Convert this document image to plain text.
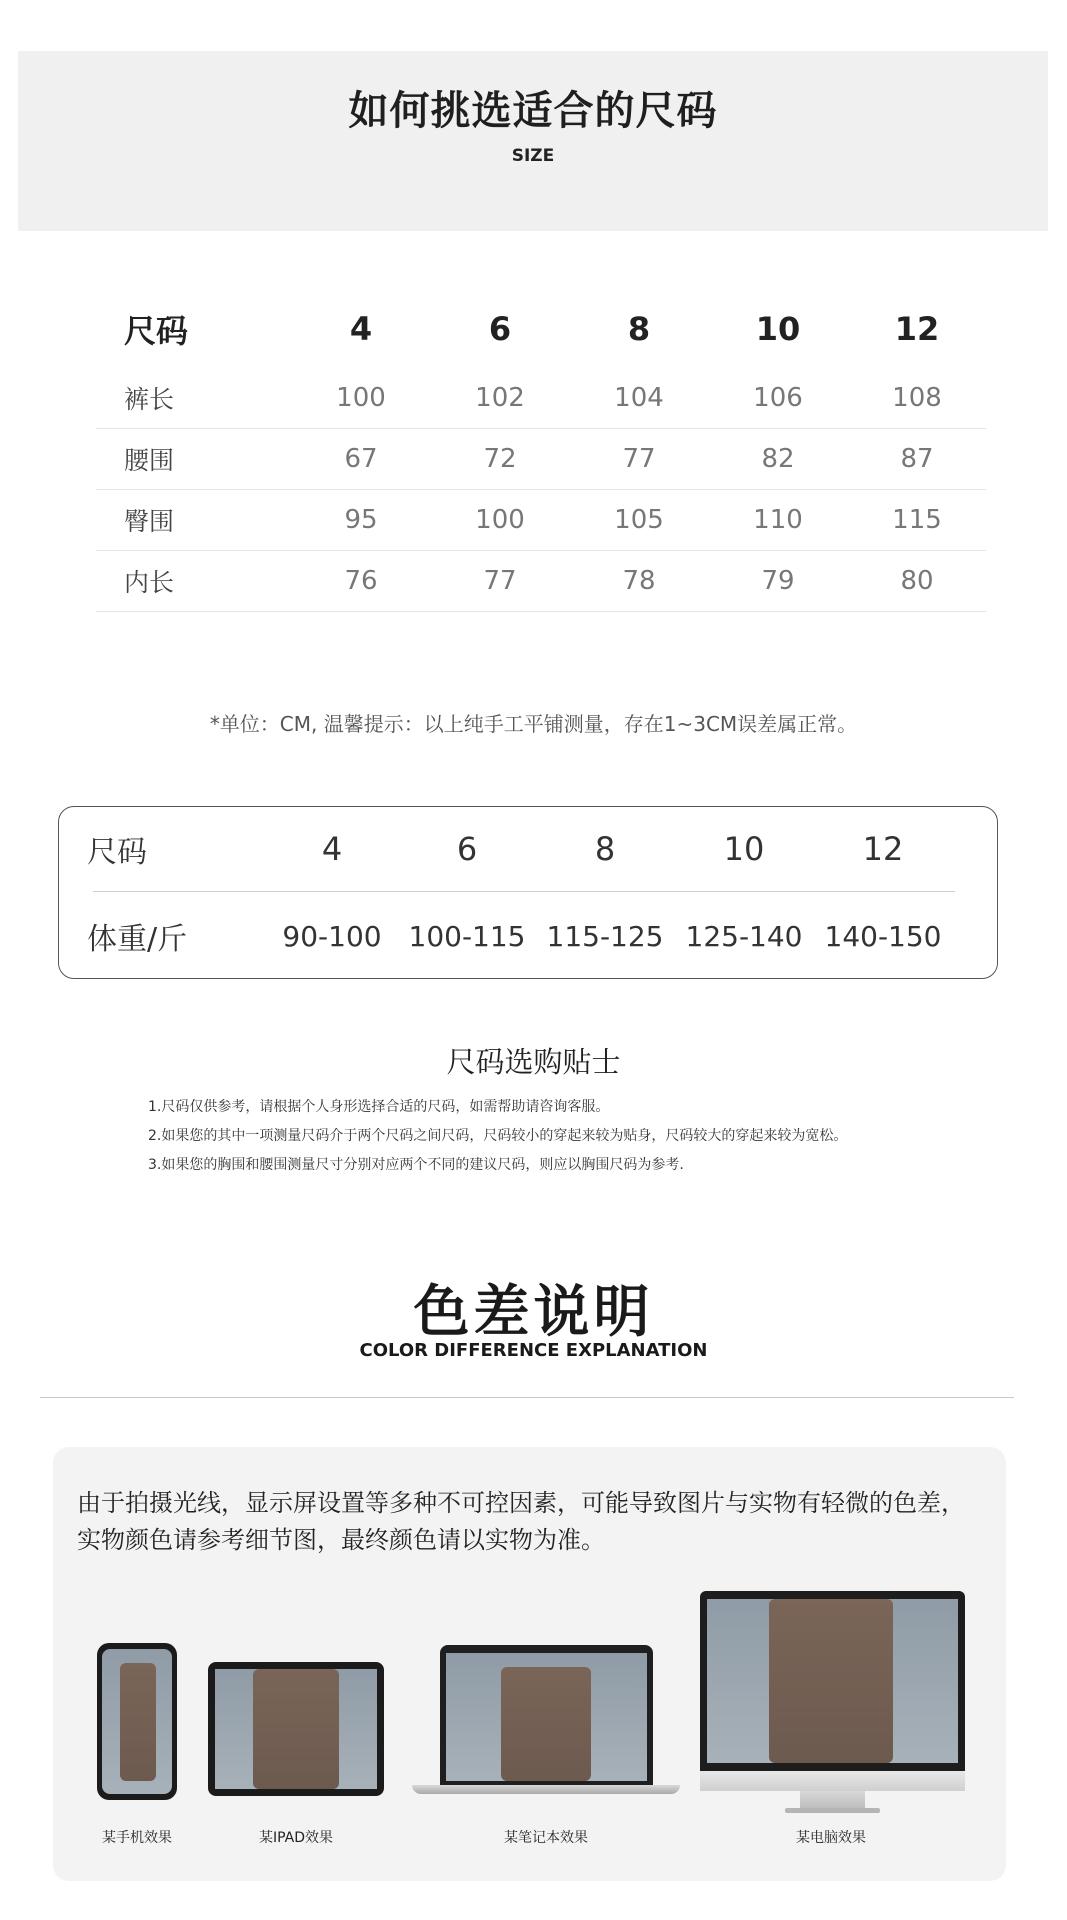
如何挑选适合的尺码
SIZE
尺码	4	6	8	10	12
裤长	100	102	104	106	108
腰围	67	72	77	82	87
臀围	95	100	105	110	115
内长	76	77	78	79	80
*单位：CM, 温馨提示：以上纯手工平铺测量，存在1~3CM误差属正常。
尺码	4	6	8	10	12
体重/斤	90-100 100-115 115-125 125-140 140-150
尺码选购贴士
1.尺码仅供参考，请根据个人身形选择合适的尺码，如需帮助请咨询客服。
2.如果您的其中一项测量尺码介于两个尺码之间尺码，尺码较小的穿起来较为贴身，尺码较大的穿起来较为宽松。
3.如果您的胸围和腰围测量尺寸分别对应两个不同的建议尺码，则应以胸围尺码为参考.
色差说明
COLOR DIFFERENCE EXPLANATION
由于拍摄光线，显示屏设置等多种不可控因素，可能导致图片与实物有轻微的色差，
实物颜色请参考细节图，最终颜色请以实物为准。
某手机效果	某IPAD效果	某笔记本效果	某电脑效果
